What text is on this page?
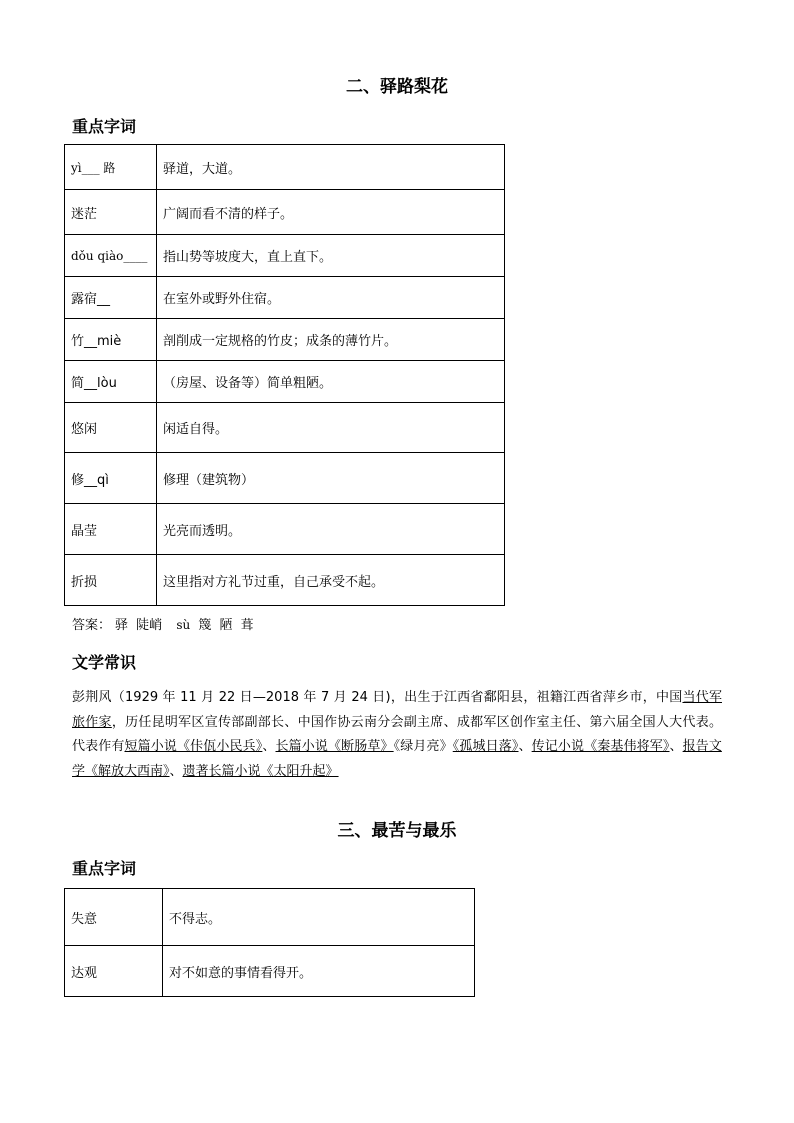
二、驿路梨花
重点字词
yì___ 路	驿道，大道。
迷茫	广阔而看不清的样子。
dǒu qiào____	指山势等坡度大，直上直下。
露宿__	在室外或野外住宿。
竹__miè	剖削成一定规格的竹皮；成条的薄竹片。
简__lòu	（房屋、设备等）简单粗陋。
悠闲	闲适自得。
修__qì	修理（建筑物）
晶莹	光亮而透明。
折损	这里指对方礼节过重，自己承受不起。
答案： 驿 陡峭 sù 篾 陋 葺
文学常识
彭荆风（1929 年 11 月 22 日—2018 年 7 月 24 日)，出生于江西省鄱阳县，祖籍江西省萍乡市，中国当代军旅作家，历任昆明军区宣传部副部长、中国作协云南分会副主席、成都军区创作室主任、第六届全国人大代表。代表作有短篇小说《佧佤小民兵》、长篇小说《断肠草》《绿月亮》《孤城日落》、传记小说《秦基伟将军》、报告文学《解放大西南》、遗著长篇小说《太阳升起》
三、最苦与最乐
重点字词
失意	不得志。
达观	对不如意的事情看得开。
